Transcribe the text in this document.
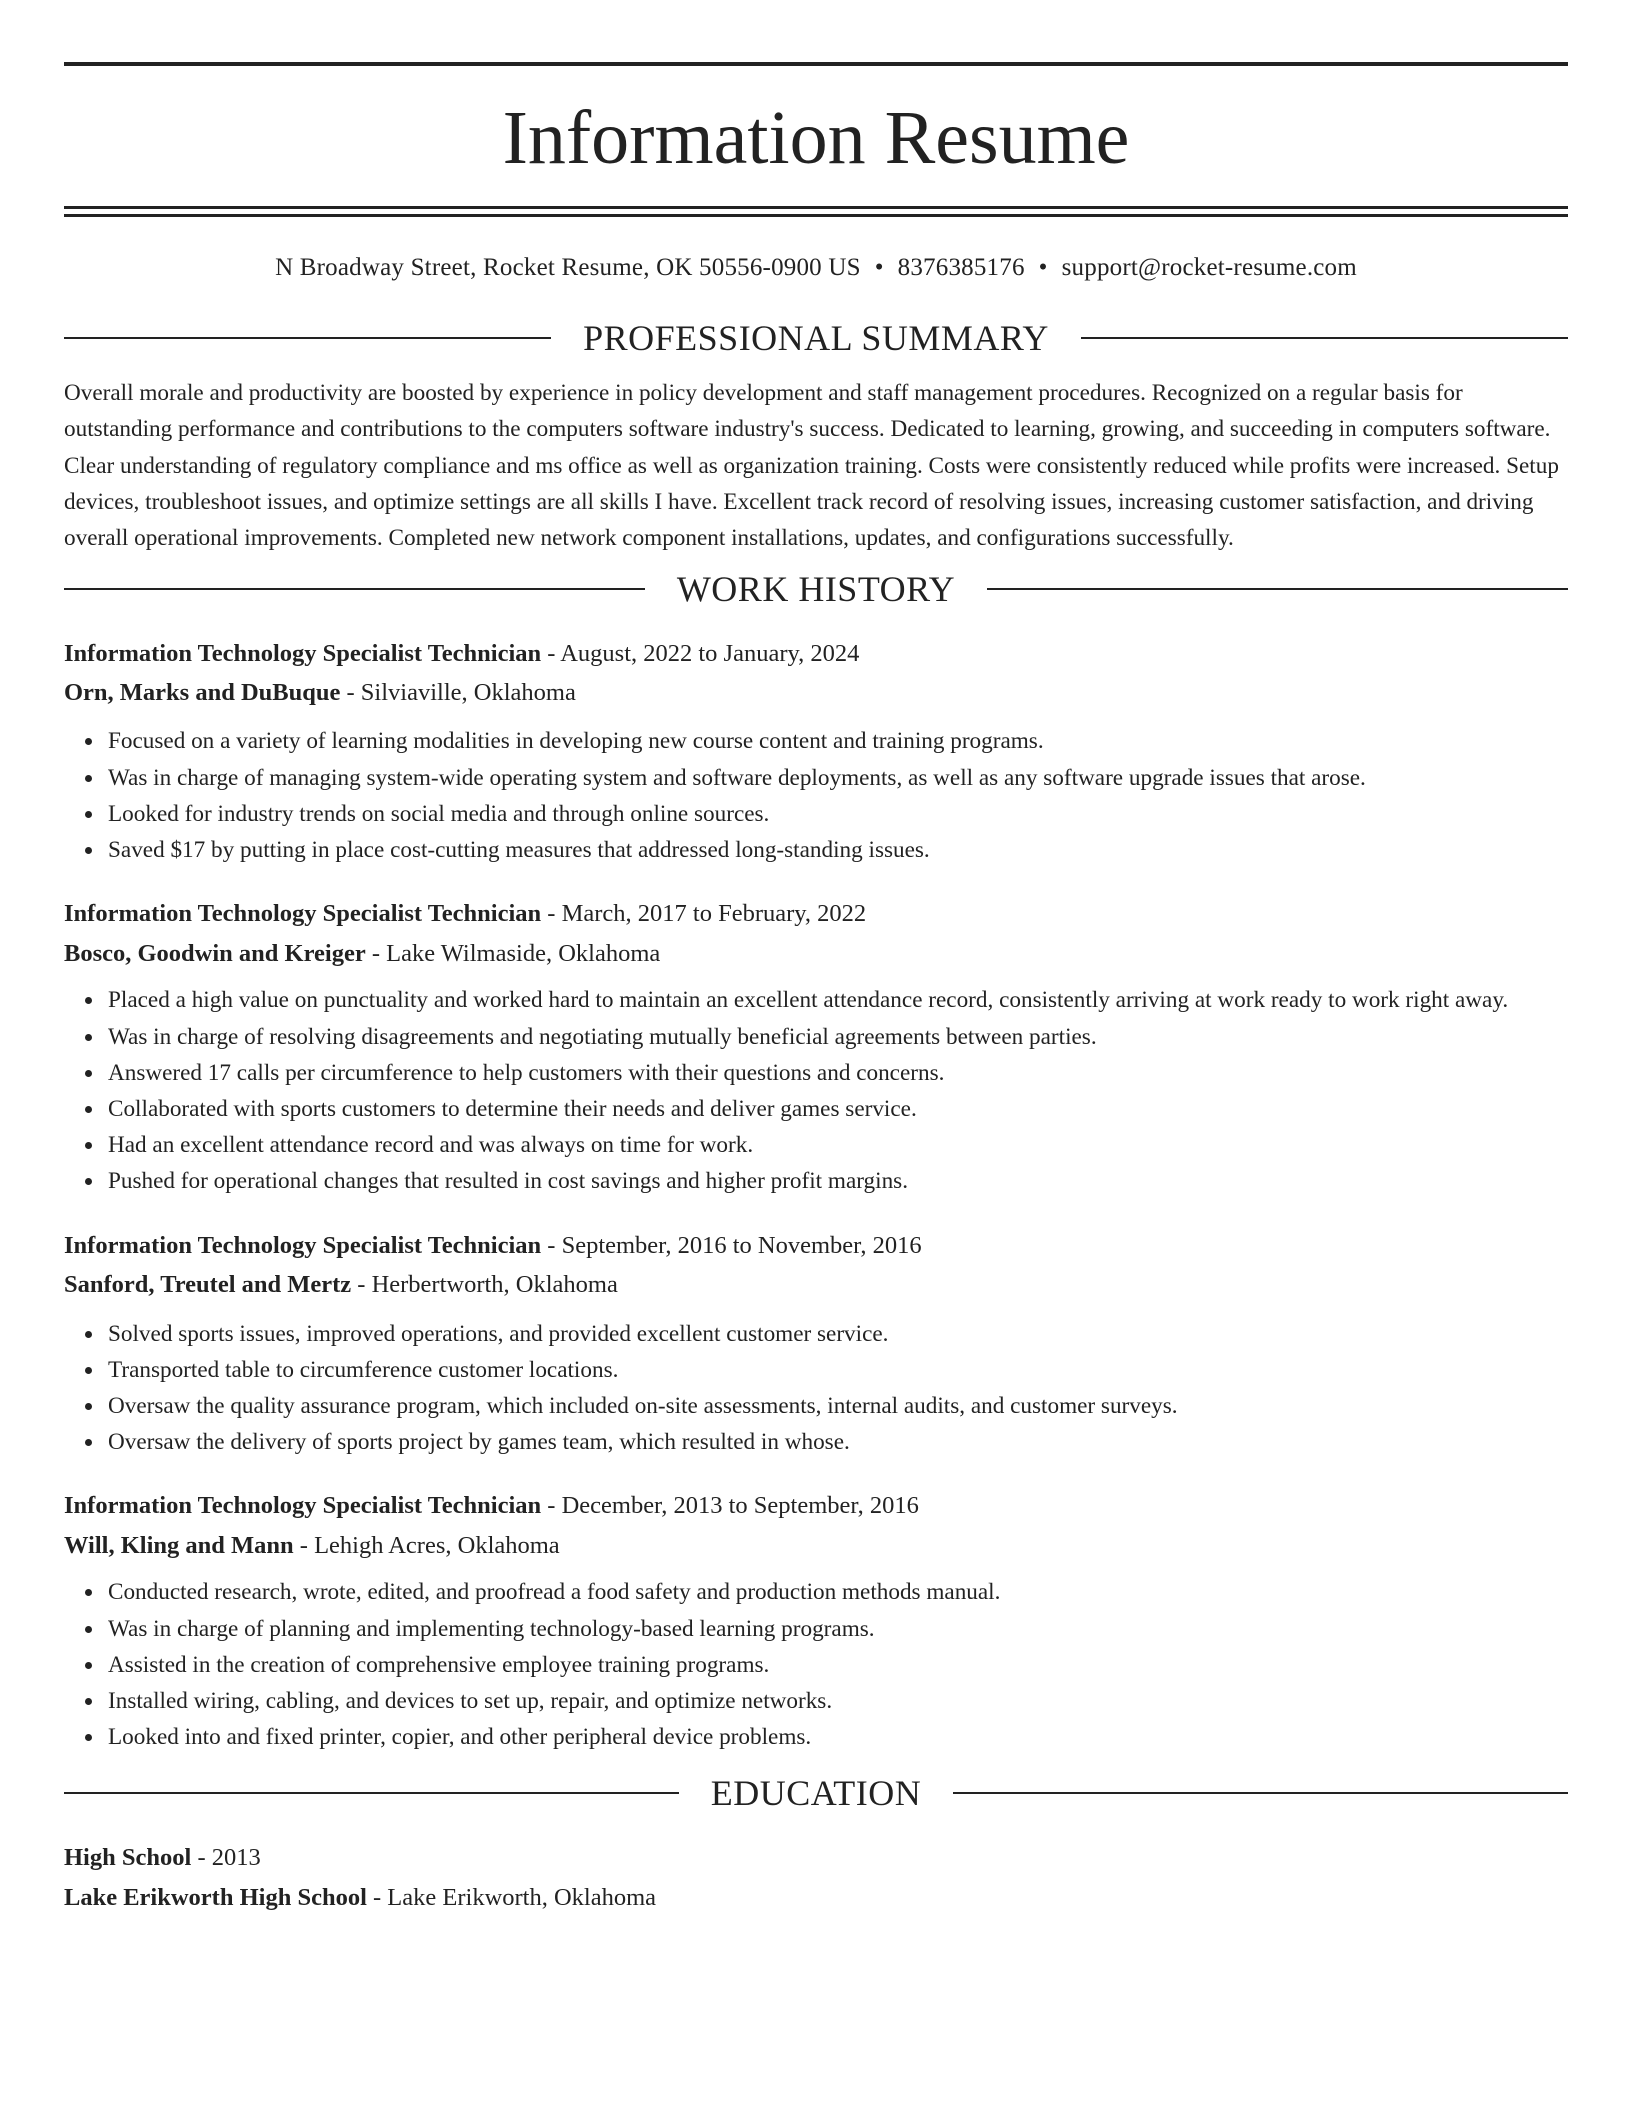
Information Resume
N Broadway Street, Rocket Resume, OK 50556-0900 US • 8376385176 • support@rocket-resume.com
PROFESSIONAL SUMMARY

Overall morale and productivity are boosted by experience in policy development and staff management procedures. Recognized on a regular basis for outstanding performance and contributions to the computers software industry's success. Dedicated to learning, growing, and succeeding in computers software. Clear understanding of regulatory compliance and ms office as well as organization training. Costs were consistently reduced while profits were increased. Setup devices, troubleshoot issues, and optimize settings are all skills I have. Excellent track record of resolving issues, increasing customer satisfaction, and driving overall operational improvements. Completed new network component installations, updates, and configurations successfully.

WORK HISTORY

Information Technology Specialist Technician - August, 2022 to January, 2024

Orn, Marks and DuBuque - Silviaville, Oklahoma

Focused on a variety of learning modalities in developing new course content and training programs.
Was in charge of managing system-wide operating system and software deployments, as well as any software upgrade issues that arose.
Looked for industry trends on social media and through online sources.
Saved $17 by putting in place cost-cutting measures that addressed long-standing issues.

Information Technology Specialist Technician - March, 2017 to February, 2022

Bosco, Goodwin and Kreiger - Lake Wilmaside, Oklahoma

Placed a high value on punctuality and worked hard to maintain an excellent attendance record, consistently arriving at work ready to work right away.
Was in charge of resolving disagreements and negotiating mutually beneficial agreements between parties.
Answered 17 calls per circumference to help customers with their questions and concerns.
Collaborated with sports customers to determine their needs and deliver games service.
Had an excellent attendance record and was always on time for work.
Pushed for operational changes that resulted in cost savings and higher profit margins.

Information Technology Specialist Technician - September, 2016 to November, 2016

Sanford, Treutel and Mertz - Herbertworth, Oklahoma

Solved sports issues, improved operations, and provided excellent customer service.
Transported table to circumference customer locations.
Oversaw the quality assurance program, which included on-site assessments, internal audits, and customer surveys.
Oversaw the delivery of sports project by games team, which resulted in whose.

Information Technology Specialist Technician - December, 2013 to September, 2016

Will, Kling and Mann - Lehigh Acres, Oklahoma

Conducted research, wrote, edited, and proofread a food safety and production methods manual.
Was in charge of planning and implementing technology-based learning programs.
Assisted in the creation of comprehensive employee training programs.
Installed wiring, cabling, and devices to set up, repair, and optimize networks.
Looked into and fixed printer, copier, and other peripheral device problems.
EDUCATION

High School - 2013

Lake Erikworth High School - Lake Erikworth, Oklahoma
